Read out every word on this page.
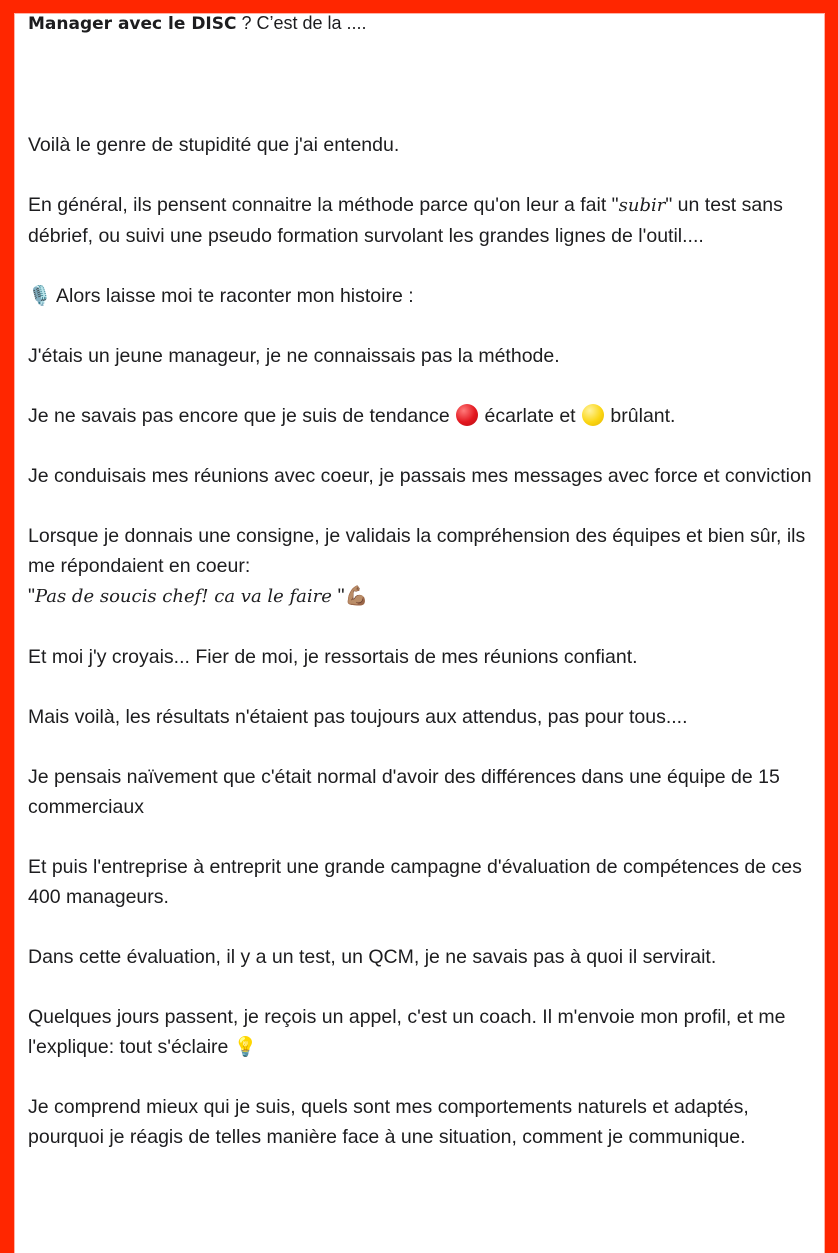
Manager avec le DISC ? C’est de la ....

Voilà le genre de stupidité que j'ai entendu.

En général, ils pensent connaitre la méthode parce qu'on leur a fait "subir" un test sans débrief, ou suivi une pseudo formation survolant les grandes lignes de l'outil....

🎙️ Alors laisse moi te raconter mon histoire :

J'étais un jeune manageur, je ne connaissais pas la méthode.

Je ne savais pas encore que je suis de tendance  écarlate et  brûlant.

Je conduisais mes réunions avec coeur, je passais mes messages avec force et conviction

Lorsque je donnais une consigne, je validais la compréhension des équipes et bien sûr, ils me répondaient en coeur:
"Pas de soucis chef! ca va le faire "💪🏽

Et moi j'y croyais... Fier de moi, je ressortais de mes réunions confiant.

Mais voilà, les résultats n'étaient pas toujours aux attendus, pas pour tous....

Je pensais naïvement que c'était normal d'avoir des différences dans une équipe de 15 commerciaux

Et puis l'entreprise à entreprit une grande campagne d'évaluation de compétences de ces 400 manageurs.

Dans cette évaluation, il y a un test, un QCM, je ne savais pas à quoi il servirait.

Quelques jours passent, je reçois un appel, c'est un coach. Il m'envoie mon profil, et me l'explique: tout s'éclaire 💡

Je comprend mieux qui je suis, quels sont mes comportements naturels et adaptés, pourquoi je réagis de telles manière face à une situation, comment je communique.
